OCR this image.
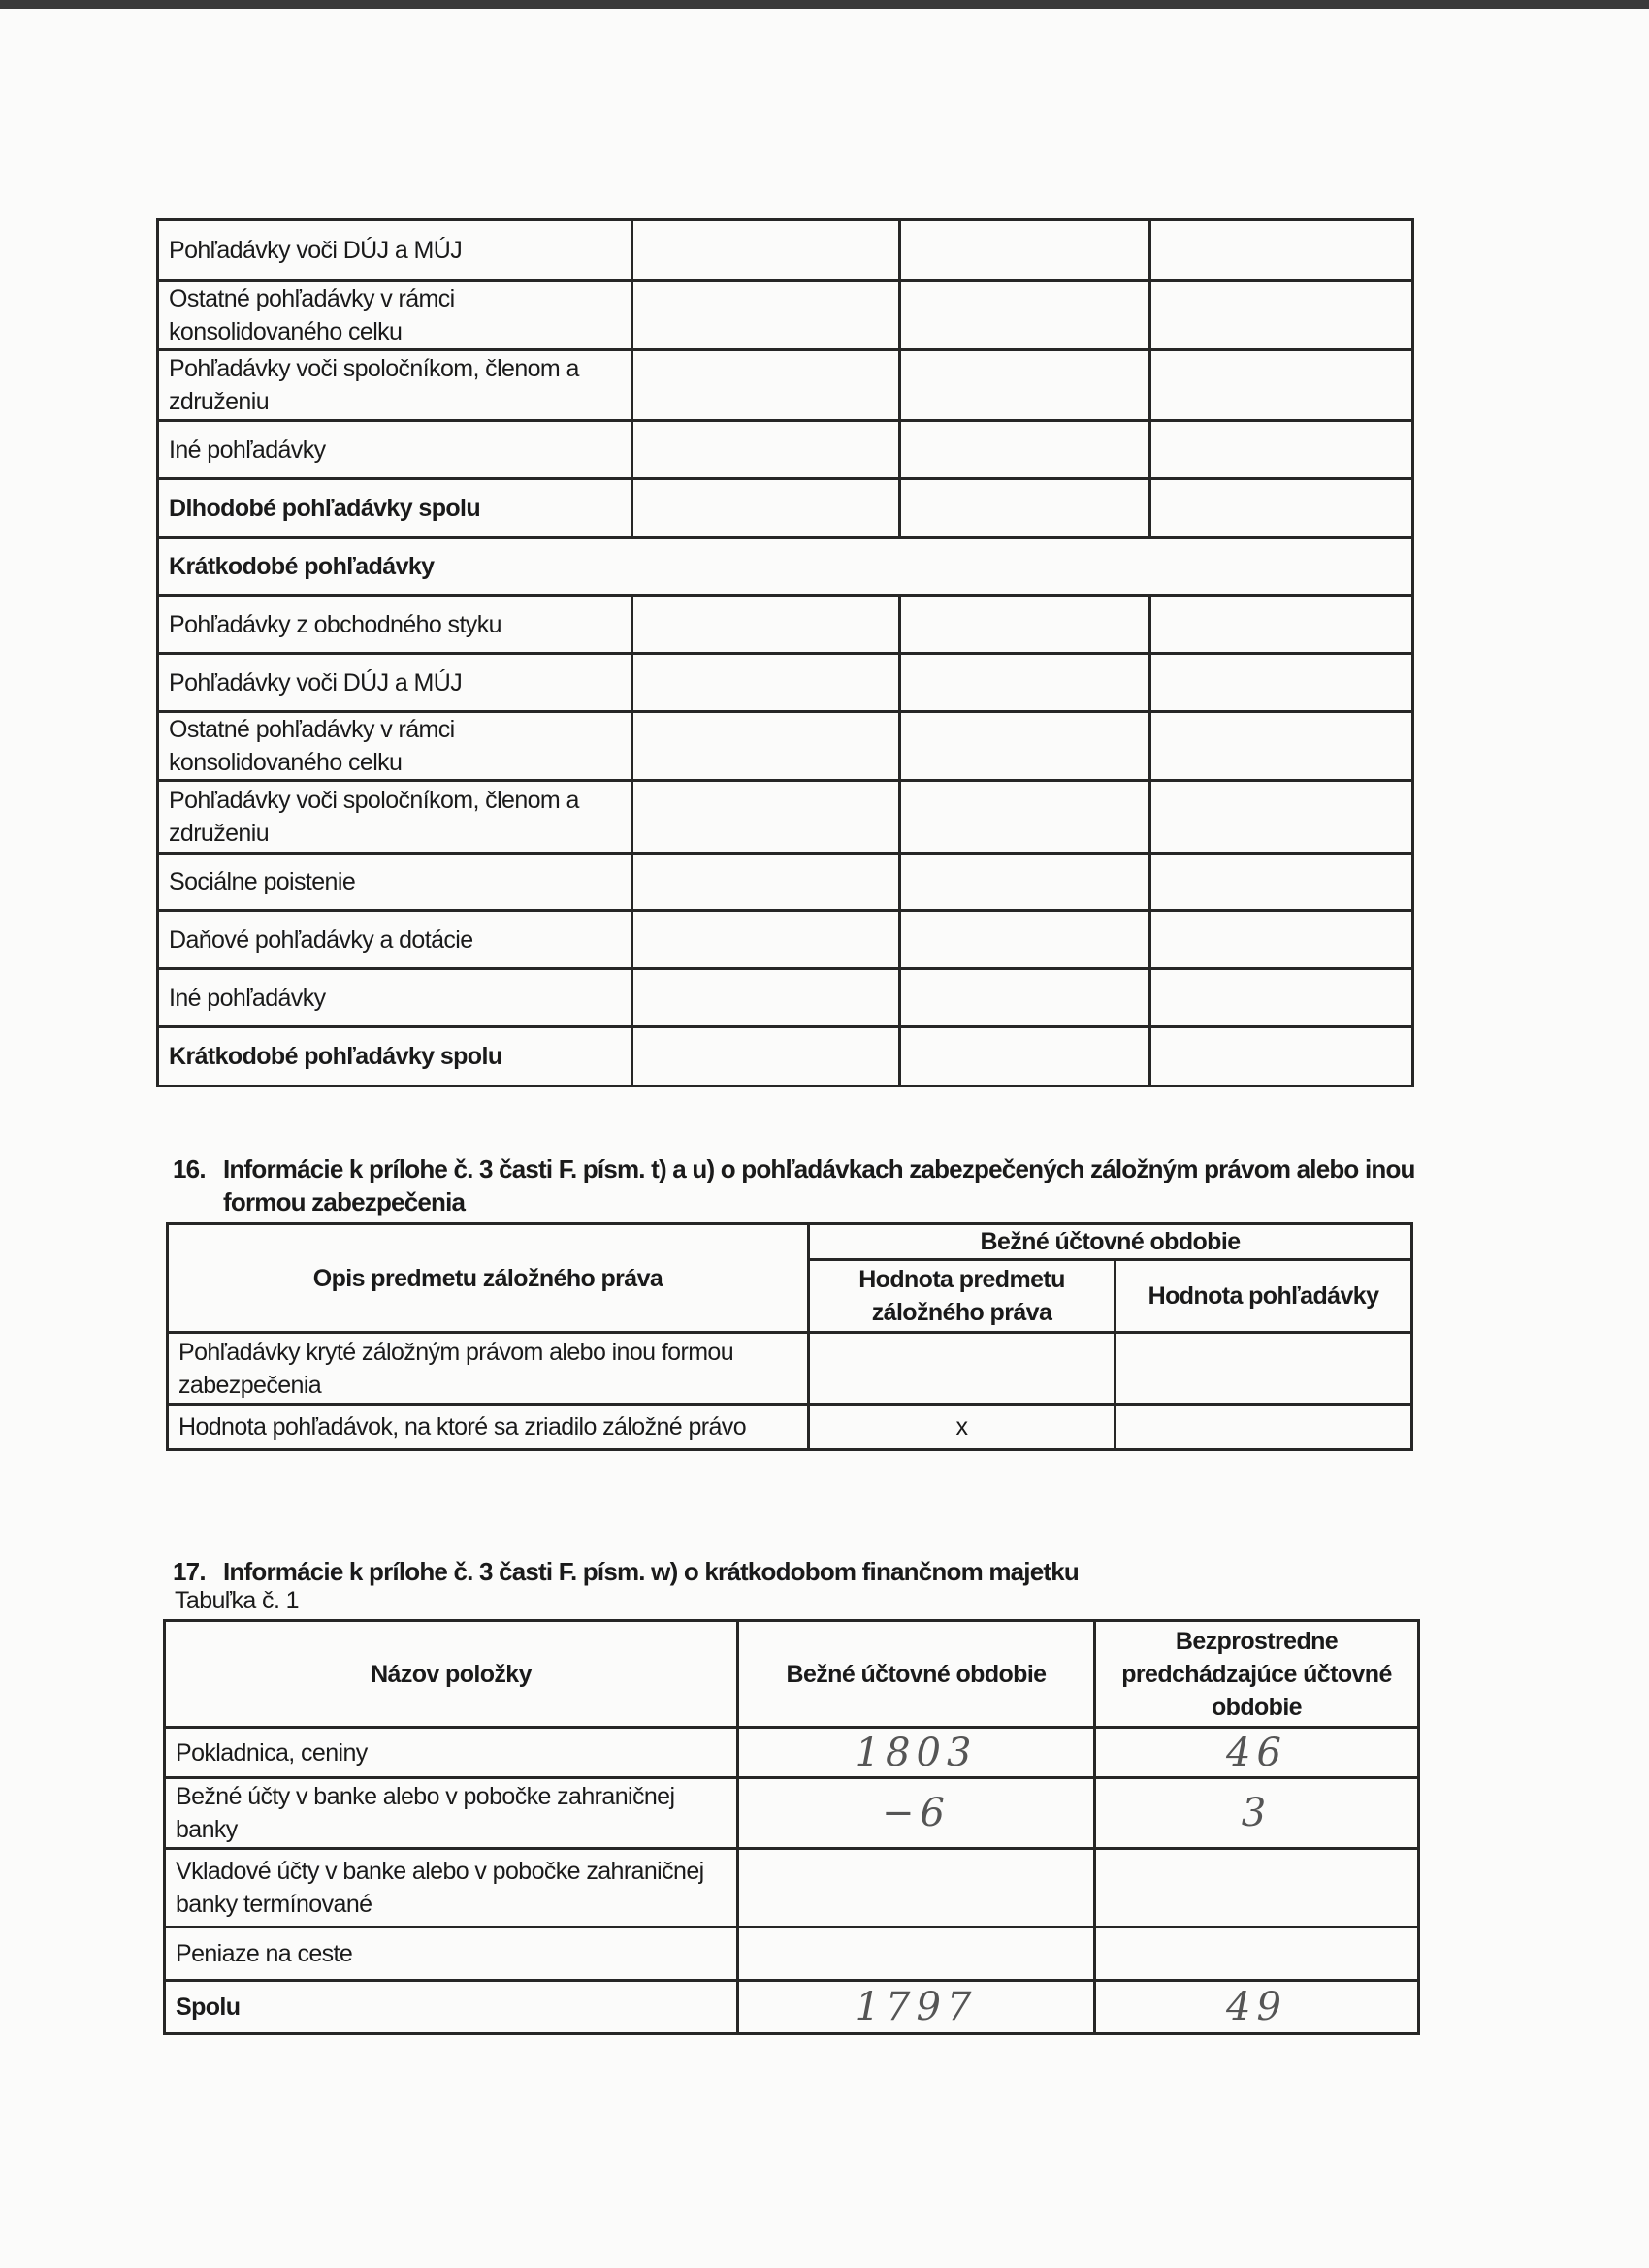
Pohľadávky voči DÚJ a MÚJ			
Ostatné pohľadávky v rámci konsolidovaného celku			
Pohľadávky voči spoločníkom, členom a združeniu			
Iné pohľadávky			
Dlhodobé pohľadávky spolu			
Krátkodobé pohľadávky			
Pohľadávky z obchodného styku			
Pohľadávky voči DÚJ a MÚJ			
Ostatné pohľadávky v rámci konsolidovaného celku			
Pohľadávky voči spoločníkom, členom a združeniu			
Sociálne poistenie			
Daňové pohľadávky a dotácie			
Iné pohľadávky			
Krátkodobé pohľadávky spolu			
16. Informácie k prílohe č. 3 časti F. písm. t) a u) o pohľadávkach zabezpečených záložným právom alebo inou formou zabezpečenia
Opis predmetu záložného práva	Bežné účtovné obdobie	
	Hodnota predmetu záložného práva	Hodnota pohľadávky
Pohľadávky kryté záložným právom alebo inou formou zabezpečenia		
Hodnota pohľadávok, na ktoré sa zriadilo záložné právo	x	
17. Informácie k prílohe č. 3 časti F. písm. w) o krátkodobom finančnom majetku
Tabuľka č. 1
Názov položky	Bežné účtovné obdobie	Bezprostredne predchádzajúce účtovné obdobie
Pokladnica, ceniny	1803	46
Bežné účty v banke alebo v pobočke zahraničnej banky	−6	3
Vkladové účty v banke alebo v pobočke zahraničnej banky termínované		
Peniaze na ceste		
Spolu	1797	49
